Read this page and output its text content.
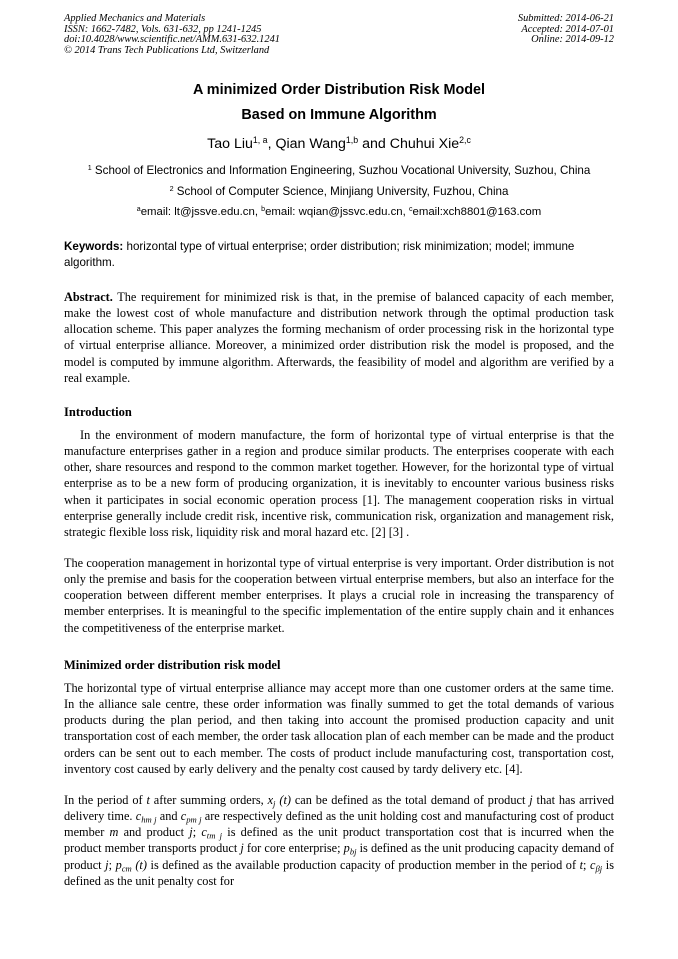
Applied Mechanics and Materials
ISSN: 1662-7482, Vols. 631-632, pp 1241-1245
doi:10.4028/www.scientific.net/AMM.631-632.1241
© 2014 Trans Tech Publications Ltd, Switzerland
Submitted: 2014-06-21
Accepted: 2014-07-01
Online: 2014-09-12
A minimized Order Distribution Risk Model
Based on Immune Algorithm
Tao Liu$^{1, a}$, Qian Wang$^{1,b}$ and Chuhui Xie$^{2,c}$
$^1$ School of Electronics and Information Engineering, Suzhou Vocational University, Suzhou, China
$^2$ School of Computer Science, Minjiang University, Fuzhou, China
$^a$email: lt@jssve.edu.cn, $^b$email: wqian@jssvc.edu.cn, $^c$email:xch8801@163.com
Keywords: horizontal type of virtual enterprise; order distribution; risk minimization; model; immune algorithm.
Abstract. The requirement for minimized risk is that, in the premise of balanced capacity of each member, make the lowest cost of whole manufacture and distribution network through the optimal production task allocation scheme. This paper analyzes the forming mechanism of order processing risk in the horizontal type of virtual enterprise alliance. Moreover, a minimized order distribution risk the model is proposed, and the model is computed by immune algorithm. Afterwards, the feasibility of model and algorithm are verified by a real example.
Introduction
In the environment of modern manufacture, the form of horizontal type of virtual enterprise is that the manufacture enterprises gather in a region and produce similar products. The enterprises cooperate with each other, share resources and respond to the common market together. However, for the horizontal type of virtual enterprise as to be a new form of producing organization, it is inevitably to encounter various business risks when it participates in social economic operation process [1]. The management cooperation risks in virtual enterprise generally include credit risk, incentive risk, communication risk, organization and management risk, strategic flexible loss risk, liquidity risk and moral hazard etc. [2] [3] .
The cooperation management in horizontal type of virtual enterprise is very important. Order distribution is not only the premise and basis for the cooperation between virtual enterprise members, but also an interface for the cooperation between different member enterprises. It plays a crucial role in increasing the transparency of member enterprises. It is meaningful to the specific implementation of the entire supply chain and it enhances the competitiveness of the enterprise market.
Minimized order distribution risk model
The horizontal type of virtual enterprise alliance may accept more than one customer orders at the same time. In the alliance sale centre, these order information was finally summed to get the total demands of various products during the plan period, and then taking into account the promised production capacity and unit transportation cost of each member, the order task allocation plan of each member can be made and the product orders can be sent out to each member. The costs of product include manufacturing cost, transportation cost, inventory cost caused by early delivery and the penalty cost caused by tardy delivery etc. [4].
In the period of t after summing orders, $x_j$ (t) can be defined as the total demand of product j that has arrived delivery time. $c_{hm j}$ and $c_{pm j}$ are respectively defined as the unit holding cost and manufacturing cost of product member m and product j; $c_{tm j}$ is defined as the unit product transportation cost that is incurred when the product member transports product j for core enterprise; $p_{bj}$ is defined as the unit producing capacity demand of product j; $p_{cm}$ (t) is defined as the available production capacity of production member in the period of t; $c_{\beta j}$ is defined as the unit penalty cost for
